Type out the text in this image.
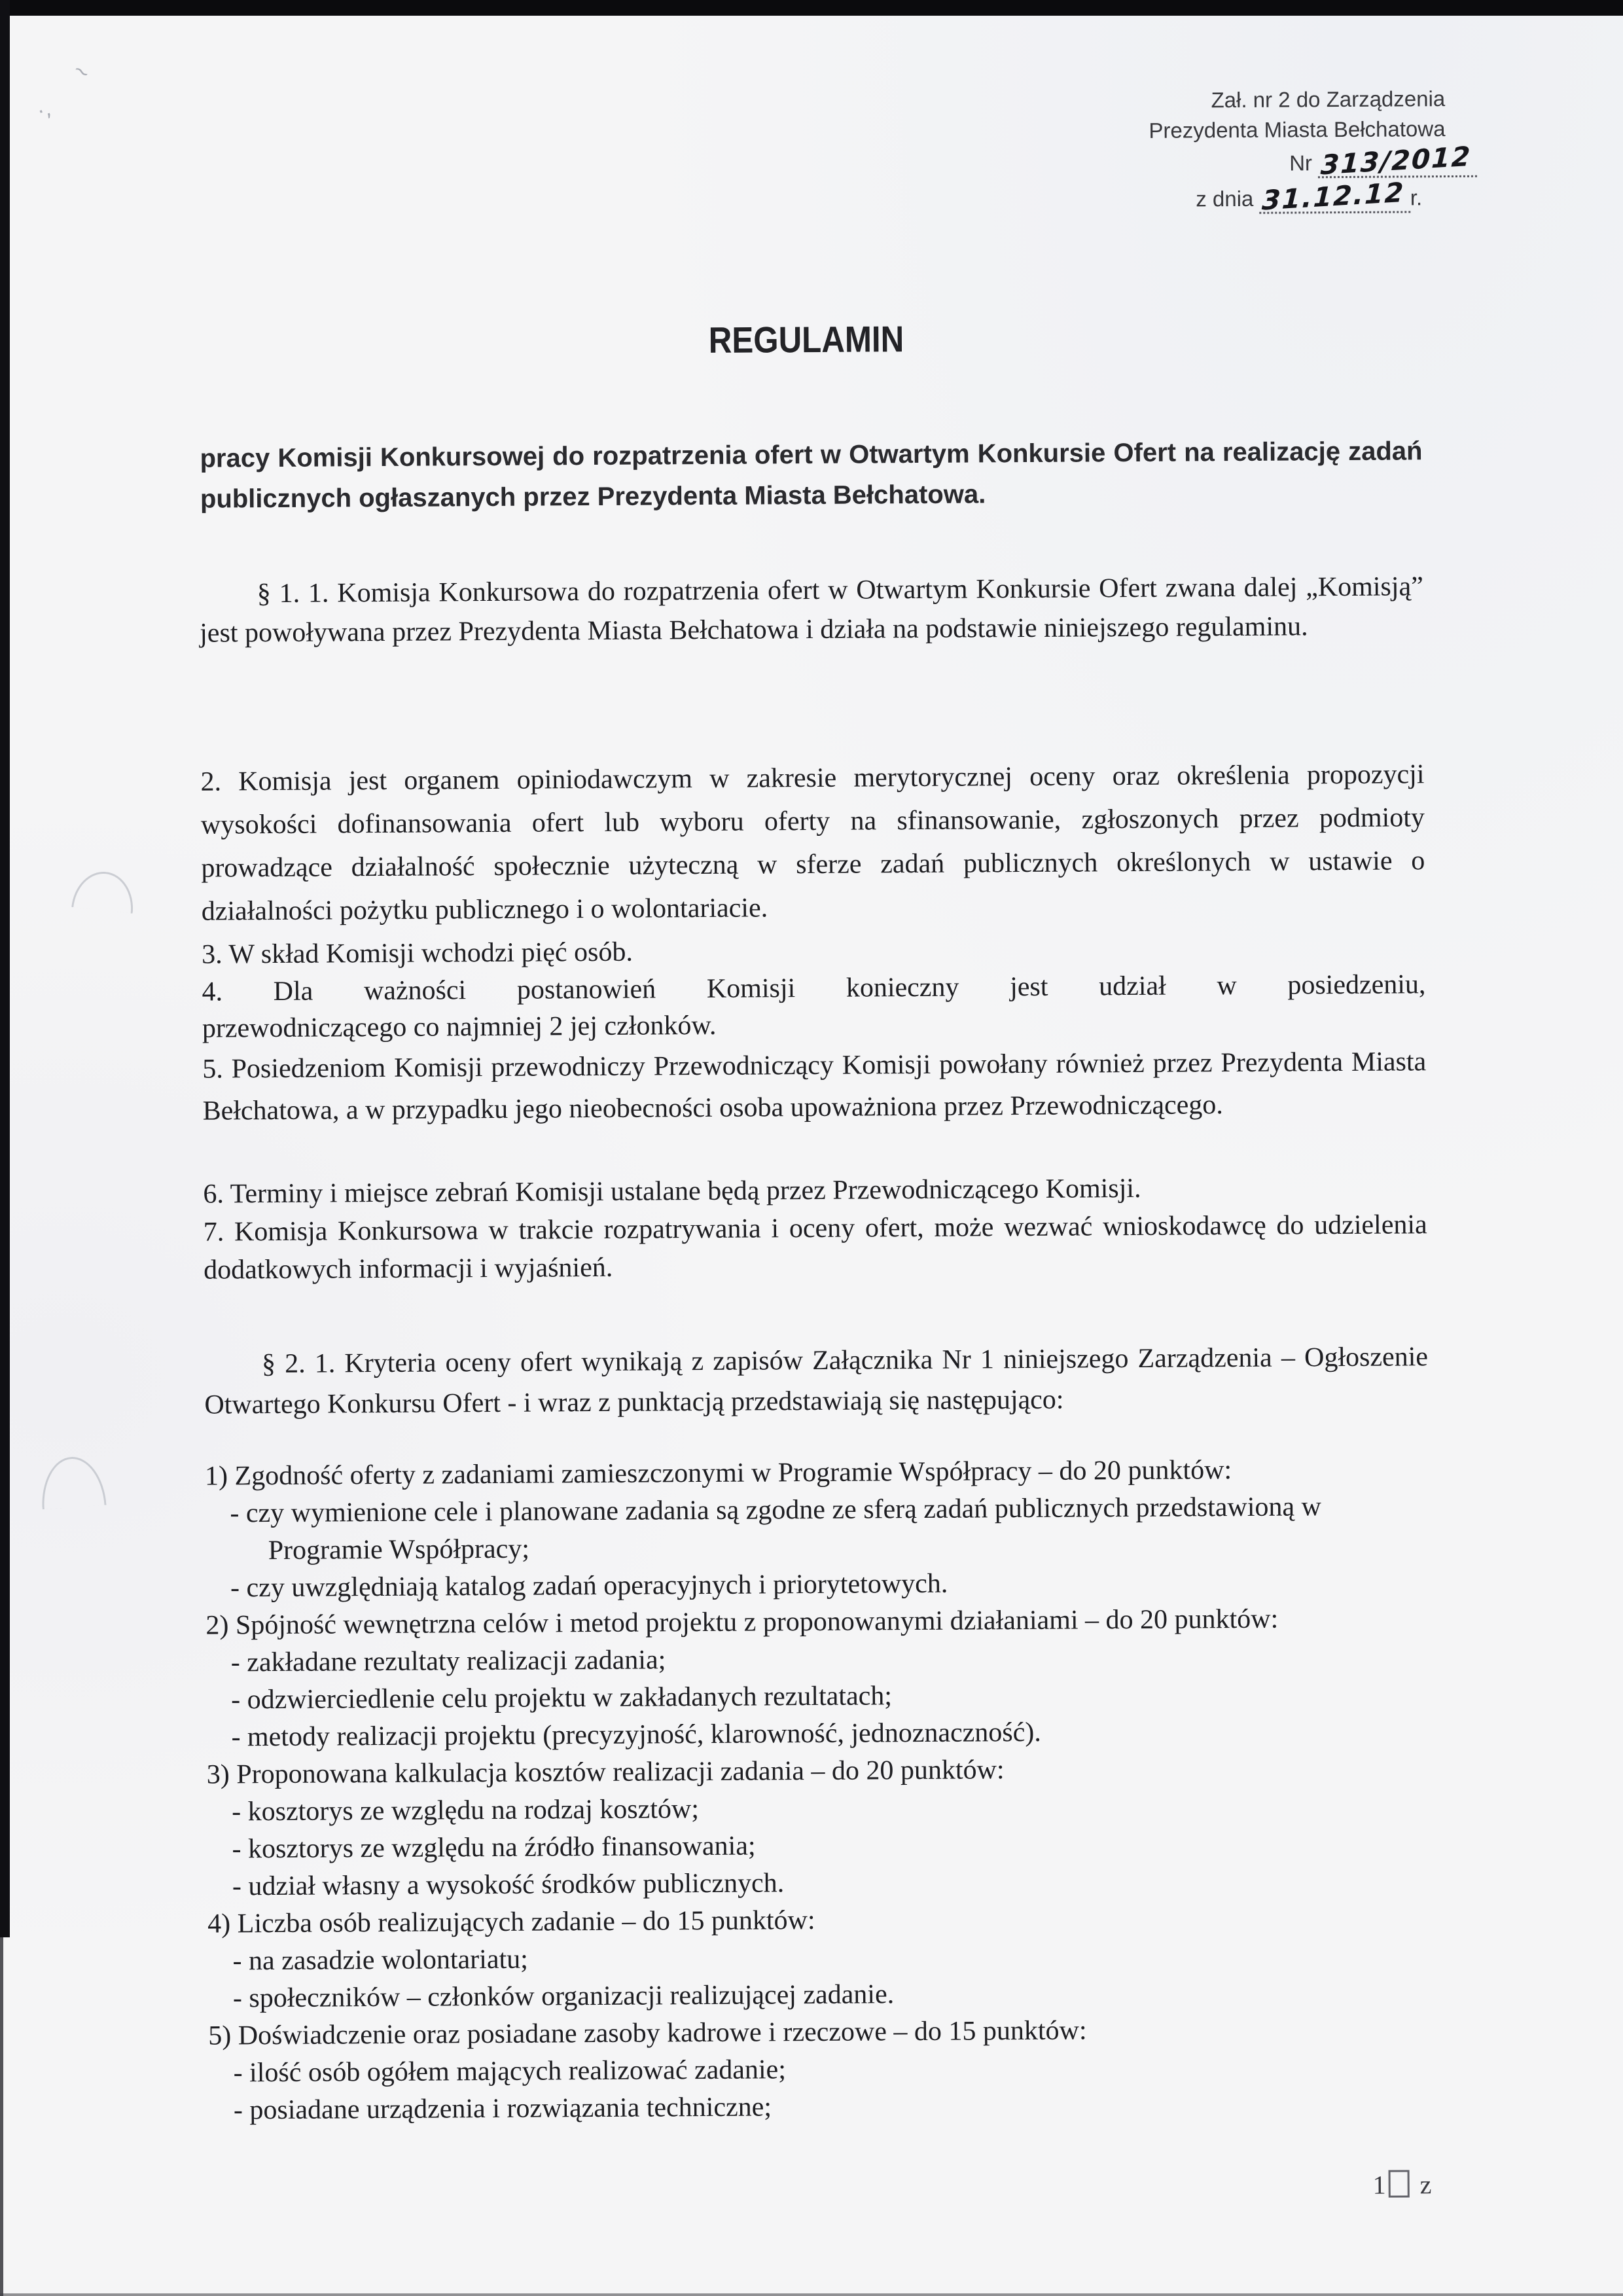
~
·,	Zał. nr 2 do Zarządzenia
Prezydenta Miasta Bełchatowa
Nr 313/2012
z dnia 31.12.12 r.
REGULAMIN
pracy Komisji Konkursowej do rozpatrzenia ofert w Otwartym Konkursie Ofert na realizację zadań publicznych ogłaszanych przez Prezydenta Miasta Bełchatowa.
§ 1. 1. Komisja Konkursowa do rozpatrzenia ofert w Otwartym Konkursie Ofert zwana dalej „Komisją” jest powoływana przez Prezydenta Miasta Bełchatowa i działa na podstawie niniejszego regulaminu.
2. Komisja jest organem opiniodawczym w zakresie merytorycznej oceny oraz określenia propozycji wysokości dofinansowania ofert lub wyboru oferty na sfinansowanie, zgłoszonych przez podmioty prowadzące działalność społecznie użyteczną w sferze zadań publicznych określonych w ustawie o działalności pożytku publicznego i o wolontariacie.
3. W skład Komisji wchodzi pięć osób.
4. Dla ważności postanowień Komisji konieczny jest udział w posiedzeniu,
przewodniczącego co najmniej 2 jej członków.
5. Posiedzeniom Komisji przewodniczy Przewodniczący Komisji powołany również przez Prezydenta Miasta Bełchatowa, a w przypadku jego nieobecności osoba upoważniona przez Przewodniczącego.
6. Terminy i miejsce zebrań Komisji ustalane będą przez Przewodniczącego Komisji.
7. Komisja Konkursowa w trakcie rozpatrywania i oceny ofert, może wezwać wnioskodawcę do udzielenia dodatkowych informacji i wyjaśnień.
§ 2. 1. Kryteria oceny ofert wynikają z zapisów Załącznika Nr 1 niniejszego Zarządzenia – Ogłoszenie Otwartego Konkursu Ofert - i wraz z punktacją przedstawiają się następująco:
1) Zgodność oferty z zadaniami zamieszczonymi w Programie Współpracy – do 20 punktów:
- czy wymienione cele i planowane zadania są zgodne ze sferą zadań publicznych przedstawioną w Programie Współpracy;
- czy uwzględniają katalog zadań operacyjnych i priorytetowych.
2) Spójność wewnętrzna celów i metod projektu z proponowanymi działaniami – do 20 punktów:
- zakładane rezultaty realizacji zadania;
- odzwierciedlenie celu projektu w zakładanych rezultatach;
- metody realizacji projektu (precyzyjność, klarowność, jednoznaczność).
3) Proponowana kalkulacja kosztów realizacji zadania – do 20 punktów:
- kosztorys ze względu na rodzaj kosztów;
- kosztorys ze względu na źródło finansowania;
- udział własny a wysokość środków publicznych.
4) Liczba osób realizujących zadanie – do 15 punktów:
- na zasadzie wolontariatu;
- społeczników – członków organizacji realizującej zadanie.
5) Doświadczenie oraz posiadane zasoby kadrowe i rzeczowe – do 15 punktów:
- ilość osób ogółem mających realizować zadanie;
- posiadane urządzenia i rozwiązania techniczne;
1 z
